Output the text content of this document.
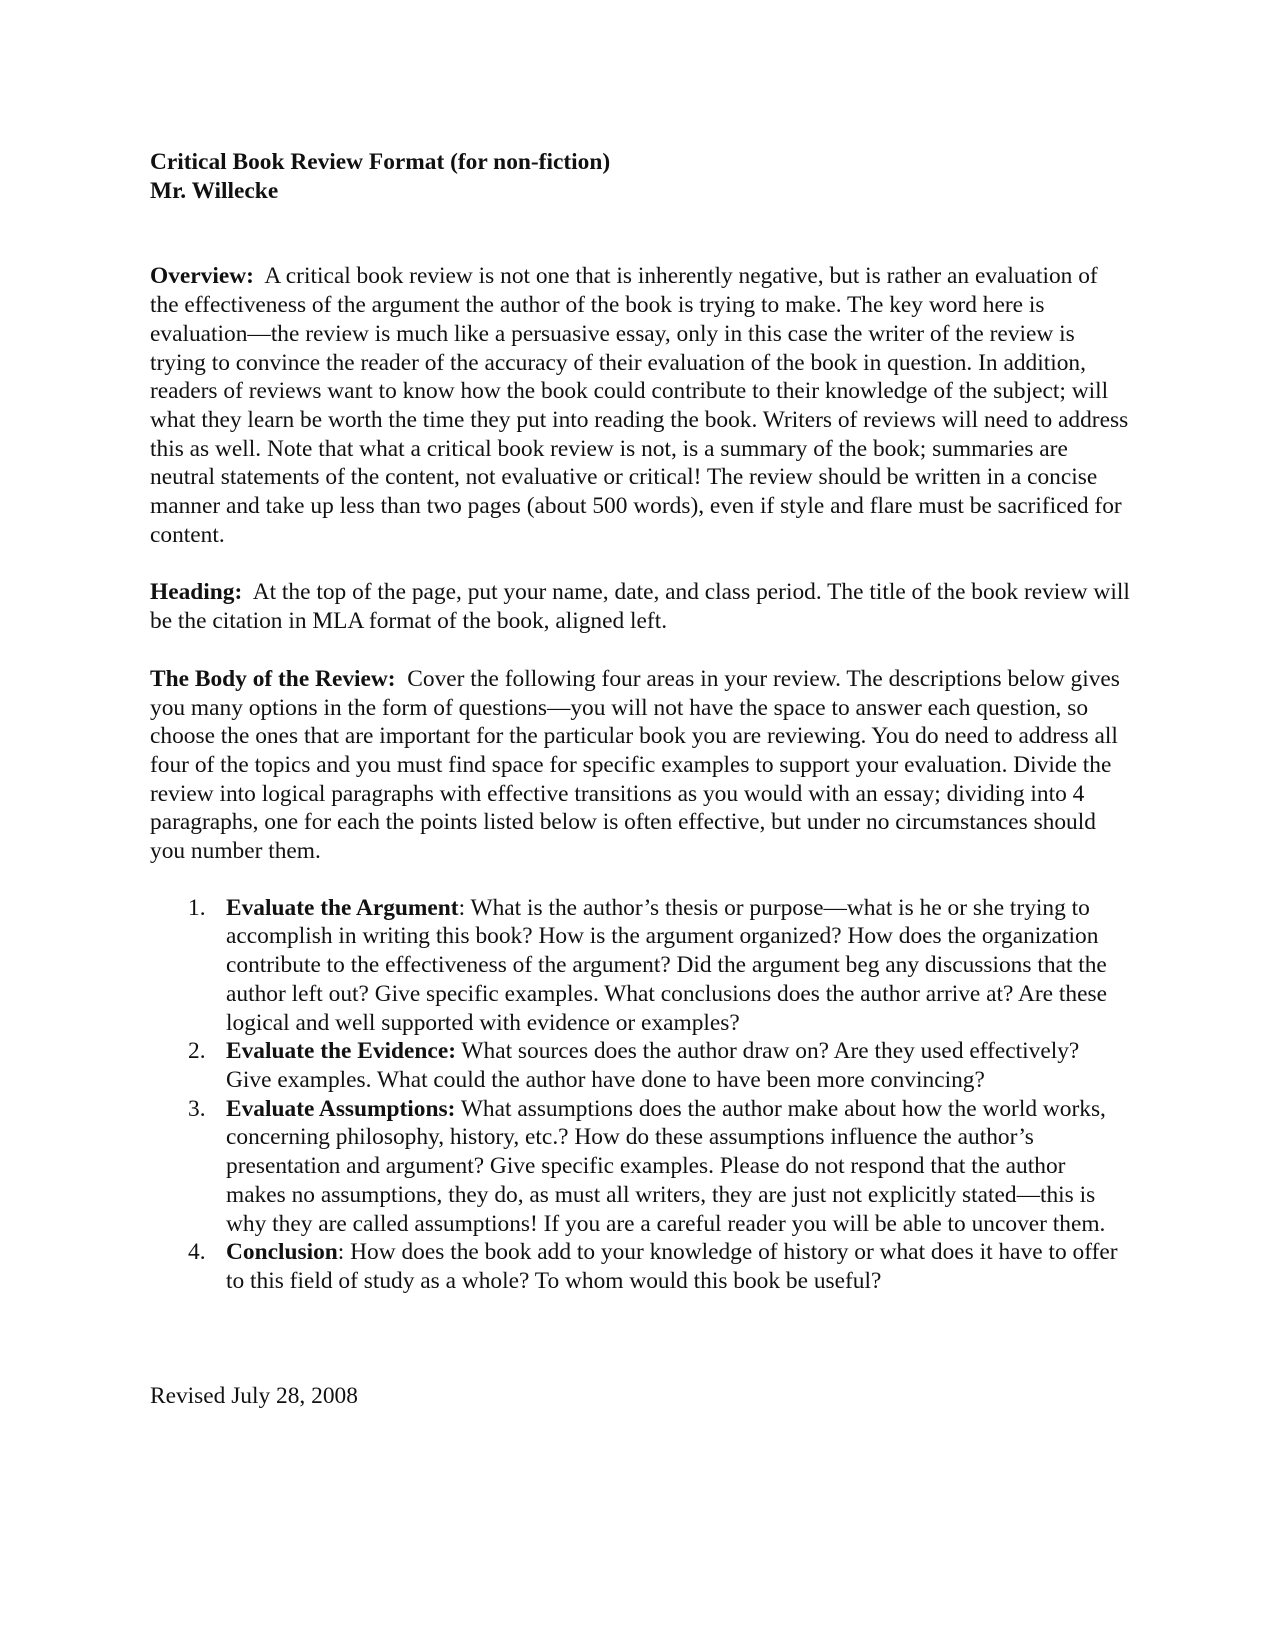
Critical Book Review Format (for non-fiction)
Mr. Willecke

Overview: A critical book review is not one that is inherently negative, but is rather an evaluation of the effectiveness of the argument the author of the book is trying to make. The key word here is evaluation—the review is much like a persuasive essay, only in this case the writer of the review is trying to convince the reader of the accuracy of their evaluation of the book in question. In addition, readers of reviews want to know how the book could contribute to their knowledge of the subject; will what they learn be worth the time they put into reading the book. Writers of reviews will need to address this as well. Note that what a critical book review is not, is a summary of the book; summaries are neutral statements of the content, not evaluative or critical! The review should be written in a concise manner and take up less than two pages (about 500 words), even if style and flare must be sacrificed for content.

Heading: At the top of the page, put your name, date, and class period. The title of the book review will be the citation in MLA format of the book, aligned left.

The Body of the Review: Cover the following four areas in your review. The descriptions below gives you many options in the form of questions—you will not have the space to answer each question, so choose the ones that are important for the particular book you are reviewing. You do need to address all four of the topics and you must find space for specific examples to support your evaluation. Divide the review into logical paragraphs with effective transitions as you would with an essay; dividing into 4 paragraphs, one for each the points listed below is often effective, but under no circumstances should you number them.

1. Evaluate the Argument: What is the author’s thesis or purpose—what is he or she trying to accomplish in writing this book? How is the argument organized? How does the organization contribute to the effectiveness of the argument? Did the argument beg any discussions that the author left out? Give specific examples. What conclusions does the author arrive at? Are these logical and well supported with evidence or examples?
2. Evaluate the Evidence: What sources does the author draw on? Are they used effectively? Give examples. What could the author have done to have been more convincing?
3. Evaluate Assumptions: What assumptions does the author make about how the world works, concerning philosophy, history, etc.? How do these assumptions influence the author’s presentation and argument? Give specific examples. Please do not respond that the author makes no assumptions, they do, as must all writers, they are just not explicitly stated—this is why they are called assumptions! If you are a careful reader you will be able to uncover them.
4. Conclusion: How does the book add to your knowledge of history or what does it have to offer to this field of study as a whole? To whom would this book be useful?
Revised July 28, 2008
